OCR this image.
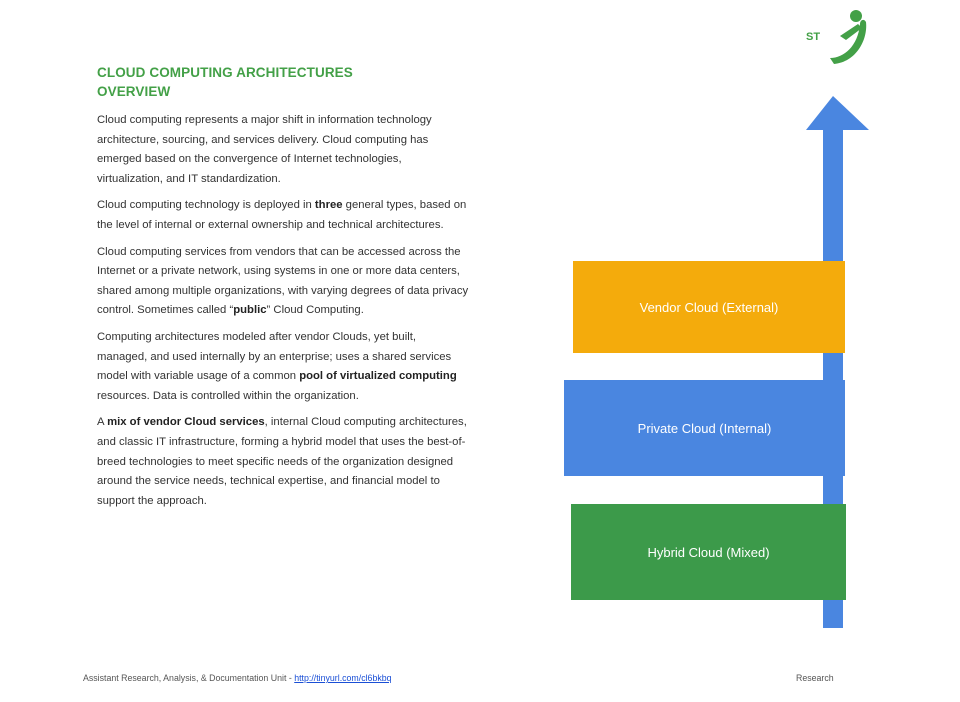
ST
CLOUD COMPUTING ARCHITECTURES
OVERVIEW

Cloud computing represents a major shift in information technology architecture, sourcing, and services delivery. Cloud computing has emerged based on the convergence of Internet technologies, virtualization, and IT standardization.

Cloud computing technology is deployed in three general types, based on the level of internal or external ownership and technical architectures.

Cloud computing services from vendors that can be accessed across the Internet or a private network, using systems in one or more data centers, shared among multiple organizations, with varying degrees of data privacy control. Sometimes called “public” Cloud Computing.

Computing architectures modeled after vendor Clouds, yet built, managed, and used internally by an enterprise; uses a shared services model with variable usage of a common pool of virtualized computing resources. Data is controlled within the organization.

A mix of vendor Cloud services, internal Cloud computing architectures, and classic IT infrastructure, forming a hybrid model that uses the best-of-breed technologies to meet specific needs of the organization designed around the service needs, technical expertise, and financial model to support the approach.

Vendor Cloud (External)
Private Cloud (Internal)
Hybrid Cloud (Mixed)
Assistant Research, Analysis, & Documentation Unit - http://tinyurl.com/cl6bkbq	Research
